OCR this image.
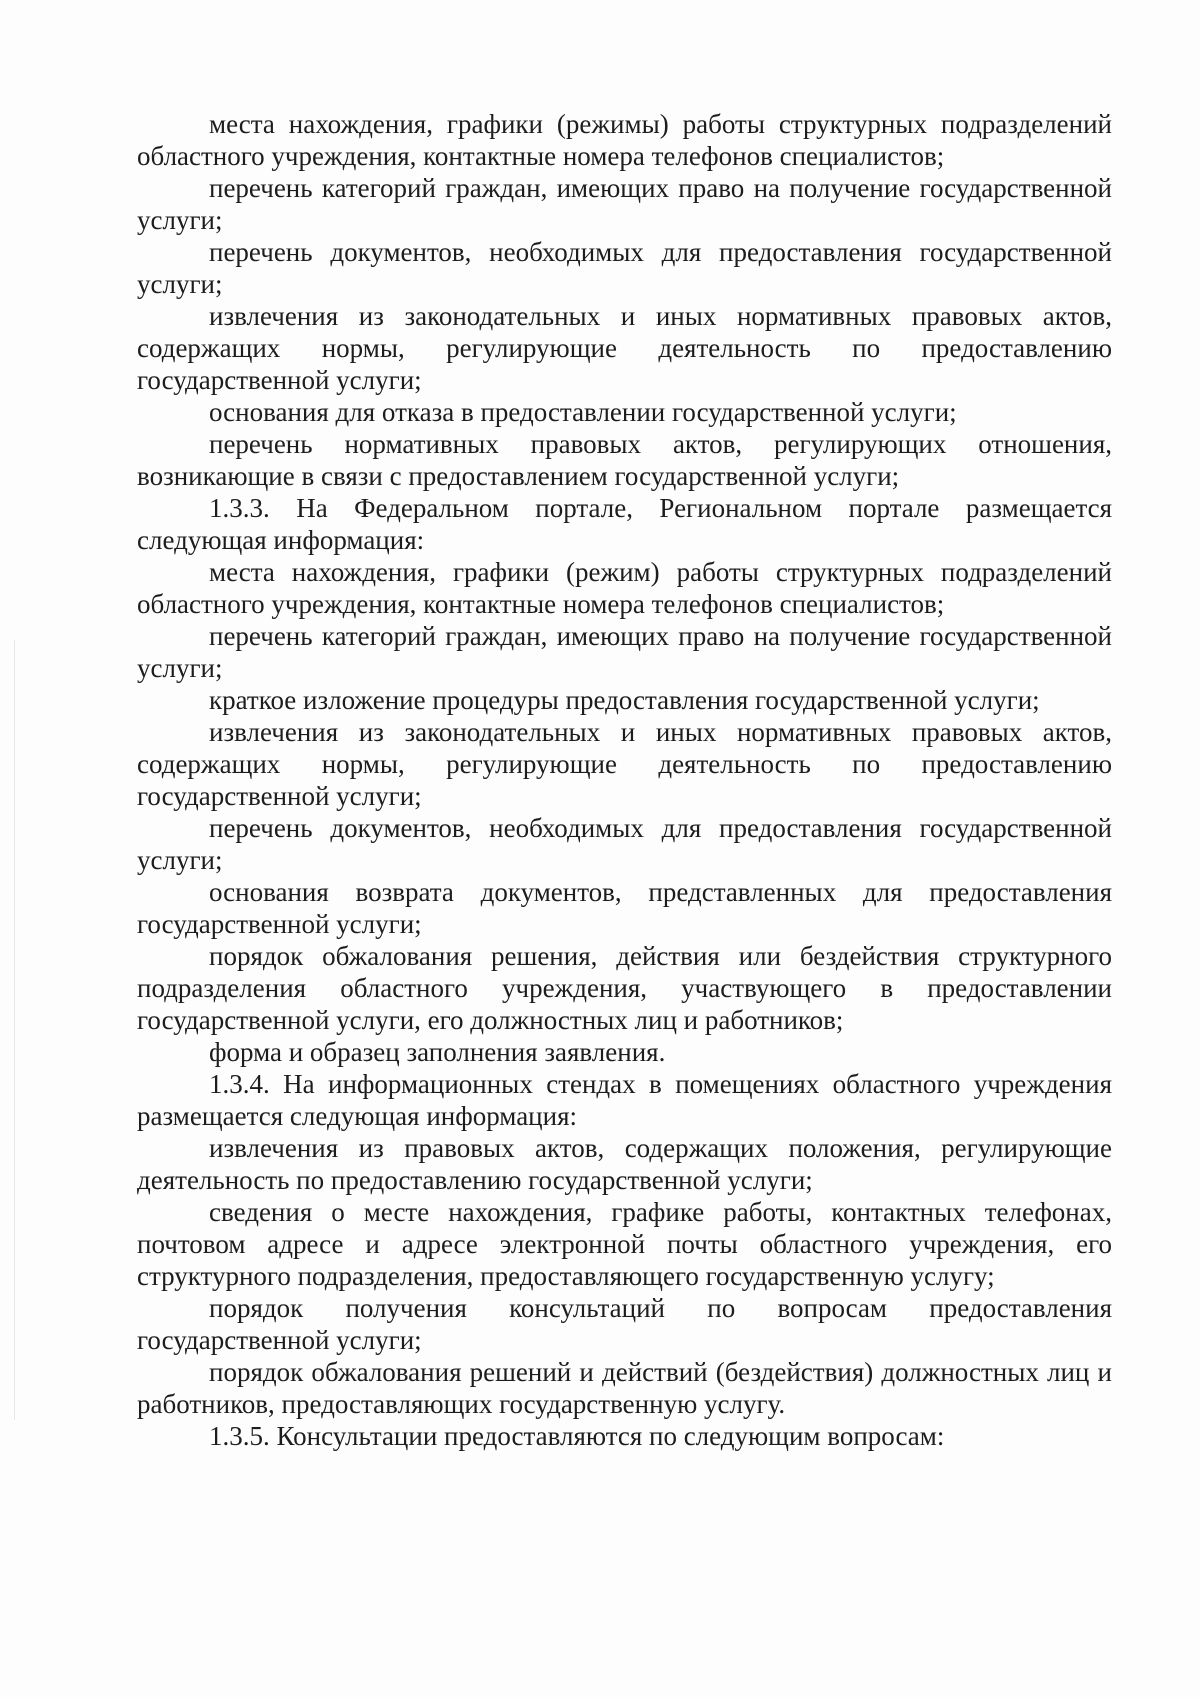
места нахождения, графики (режимы) работы структурных подразделений областного учреждения, контактные номера телефонов специалистов;

перечень категорий граждан, имеющих право на получение государственной услуги;

перечень документов, необходимых для предоставления государственной услуги;

извлечения из законодательных и иных нормативных правовых актов, содержащих нормы, регулирующие деятельность по предоставлению государственной услуги;

основания для отказа в предоставлении государственной услуги;

перечень нормативных правовых актов, регулирующих отношения, возникающие в связи с предоставлением государственной услуги;

1.3.3. На Федеральном портале, Региональном портале размещается следующая информация:

места нахождения, графики (режим) работы структурных подразделений областного учреждения, контактные номера телефонов специалистов;

перечень категорий граждан, имеющих право на получение государственной услуги;

краткое изложение процедуры предоставления государственной услуги;

извлечения из законодательных и иных нормативных правовых актов, содержащих нормы, регулирующие деятельность по предоставлению государственной услуги;

перечень документов, необходимых для предоставления государственной услуги;

основания возврата документов, представленных для предоставления государственной услуги;

порядок обжалования решения, действия или бездействия структурного подразделения областного учреждения, участвующего в предоставлении государственной услуги, его должностных лиц и работников;

форма и образец заполнения заявления.

1.3.4. На информационных стендах в помещениях областного учреждения размещается следующая информация:

извлечения из правовых актов, содержащих положения, регулирующие деятельность по предоставлению государственной услуги;

сведения о месте нахождения, графике работы, контактных телефонах, почтовом адресе и адресе электронной почты областного учреждения, его структурного подразделения, предоставляющего государственную услугу;

порядок получения консультаций по вопросам предоставления государственной услуги;

порядок обжалования решений и действий (бездействия) должностных лиц и работников, предоставляющих государственную услугу.

1.3.5. Консультации предоставляются по следующим вопросам:
